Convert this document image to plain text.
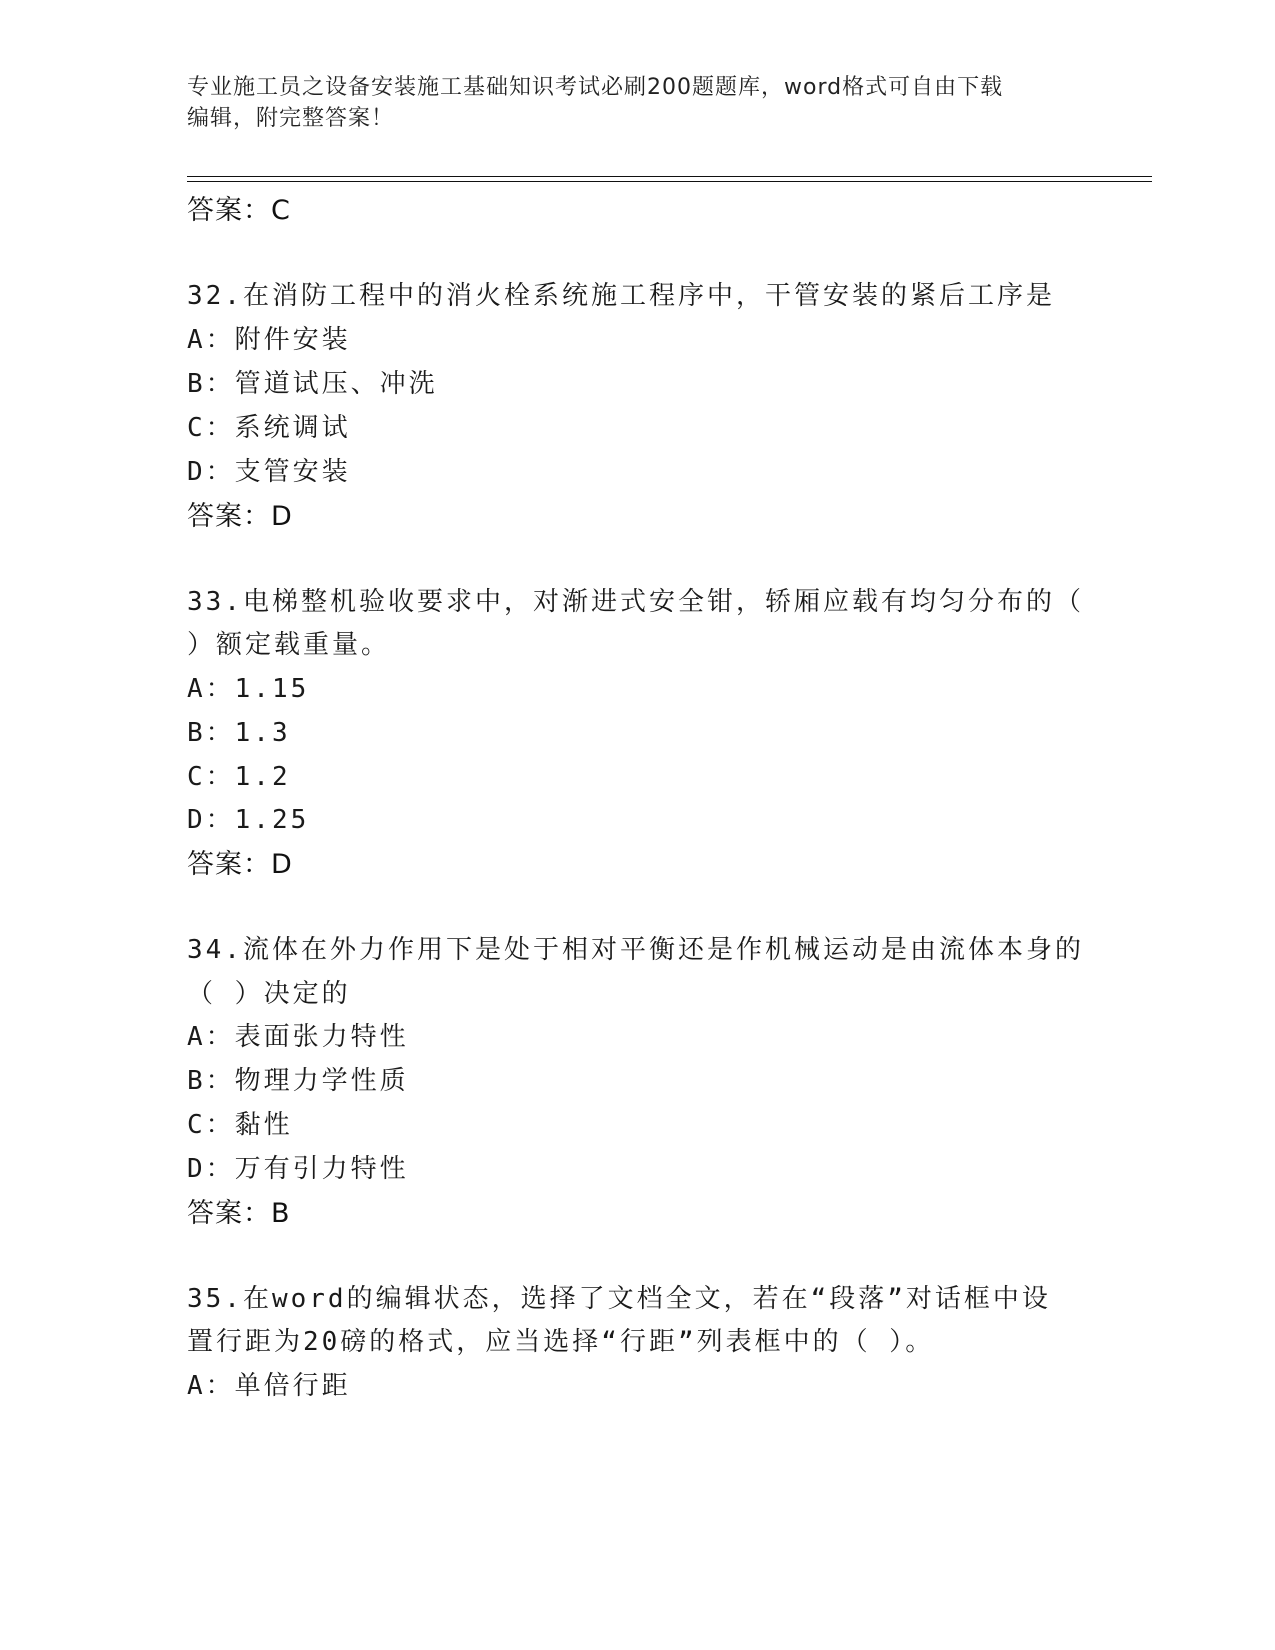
专业施工员之设备安装施工基础知识考试必刷200题题库，word格式可自由下载
编辑，附完整答案！
答案：C
32.在消防工程中的消火栓系统施工程序中，干管安装的紧后工序是
A：附件安装
B：管道试压、冲洗
C：系统调试
D：支管安装
答案：D
33.电梯整机验收要求中，对渐进式安全钳，轿厢应载有均匀分布的（
）额定载重量。
A：1.15
B：1.3
C：1.2
D：1.25
答案：D
34.流体在外力作用下是处于相对平衡还是作机械运动是由流体本身的
（ ）决定的
A：表面张力特性
B：物理力学性质
C：黏性
D：万有引力特性
答案：B
35.在word的编辑状态，选择了文档全文，若在“段落”对话框中设
置行距为20磅的格式，应当选择“行距”列表框中的（ ）。
A：单倍行距
